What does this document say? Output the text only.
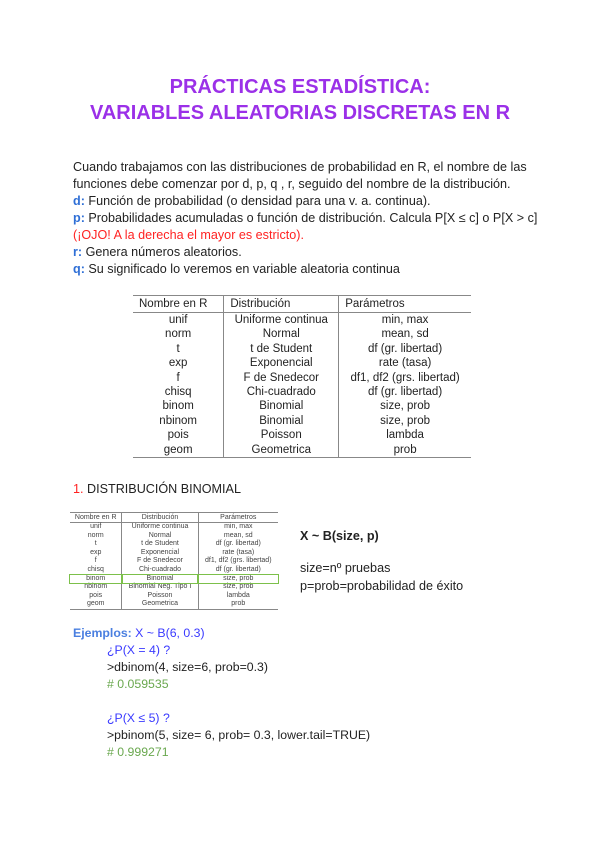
PRÁCTICAS ESTADÍSTICA:
VARIABLES ALEATORIAS DISCRETAS EN R
Cuando trabajamos con las distribuciones de probabilidad en R, el nombre de las
funciones debe comenzar por d, p, q , r, seguido del nombre de la distribución.
d: Función de probabilidad (o densidad para una v. a. continua).
p: Probabilidades acumuladas o función de distribución. Calcula P[X ≤ c] o P[X > c]
(¡OJO! A la derecha el mayor es estricto).
r: Genera números aleatorios.
q: Su significado lo veremos en variable aleatoria continua
Nombre en R	Distribución	Parámetros
unif	Uniforme continua	min, max
norm	Normal	mean, sd
t	t de Student	df (gr. libertad)
exp	Exponencial	rate (tasa)
f	F de Snedecor	df1, df2 (grs. libertad)
chisq	Chi-cuadrado	df (gr. libertad)
binom	Binomial	size, prob
nbinom	Binomial	size, prob
pois	Poisson	lambda
geom	Geometrica	prob
1. DISTRIBUCIÓN BINOMIAL
Nombre en R	Distribución	Parámetros
unif	Uniforme continua	min, max
norm	Normal	mean, sd
t	t de Student	df (gr. libertad)
exp	Exponencial	rate (tasa)
f	F de Snedecor	df1, df2 (grs. libertad)
chisq	Chi-cuadrado	df (gr. libertad)
binom	Binomial	size, prob
nbinom	Binomial Neg. Tipo I	size, prob
pois	Poisson	lambda
geom	Geometrica	prob
X ~ B(size, p)
size=nº pruebas
p=prob=probabilidad de éxito
Ejemplos: X ~ B(6, 0.3)
¿P(X = 4) ?
>dbinom(4, size=6, prob=0.3)
# 0.059535
¿P(X ≤ 5) ?
>pbinom(5, size= 6, prob= 0.3, lower.tail=TRUE)
# 0.999271
